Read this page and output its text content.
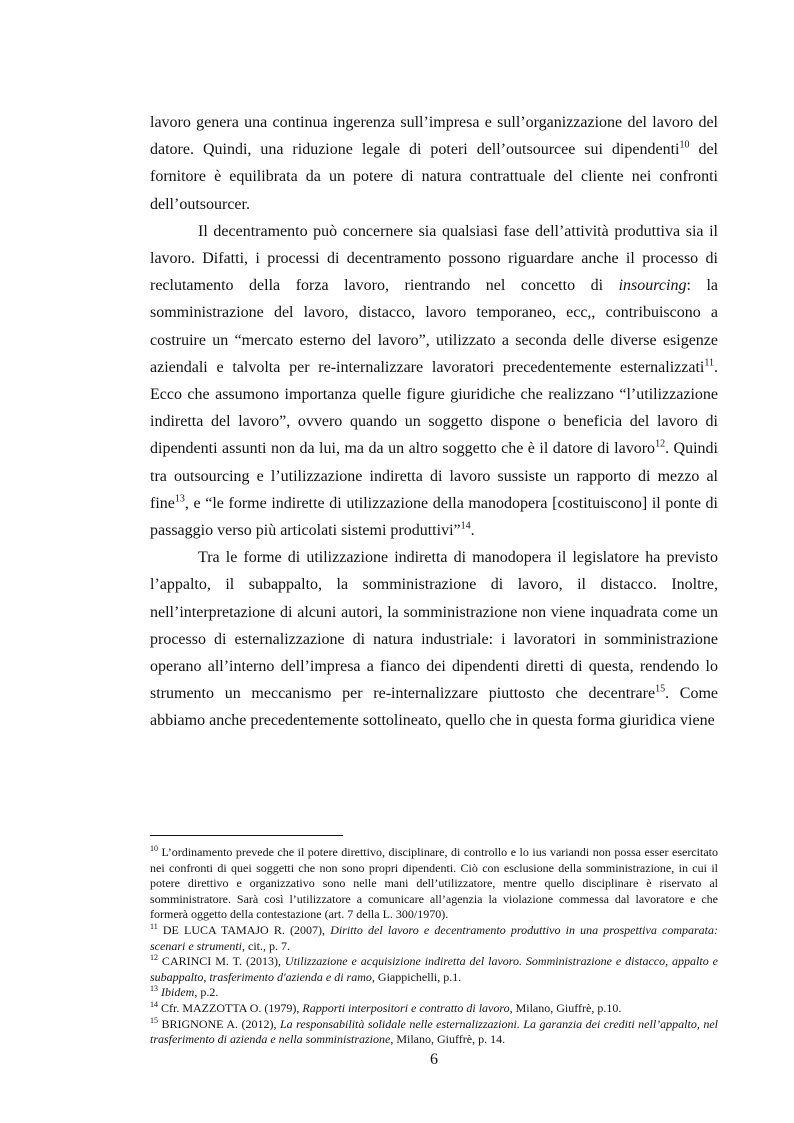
lavoro genera una continua ingerenza sull’impresa e sull’organizzazione del lavoro del datore. Quindi, una riduzione legale di poteri dell’outsourcee sui dipendenti$^{10}$ del fornitore è equilibrata da un potere di natura contrattuale del cliente nei confronti dell’outsourcer.

Il decentramento può concernere sia qualsiasi fase dell’attività produttiva sia il lavoro. Difatti, i processi di decentramento possono riguardare anche il processo di reclutamento della forza lavoro, rientrando nel concetto di insourcing: la somministrazione del lavoro, distacco, lavoro temporaneo, ecc,, contribuiscono a costruire un “mercato esterno del lavoro”, utilizzato a seconda delle diverse esigenze aziendali e talvolta per re-internalizzare lavoratori precedentemente esternalizzati$^{11}$. Ecco che assumono importanza quelle figure giuridiche che realizzano “l’utilizzazione indiretta del lavoro”, ovvero quando un soggetto dispone o beneficia del lavoro di dipendenti assunti non da lui, ma da un altro soggetto che è il datore di lavoro$^{12}$. Quindi tra outsourcing e l’utilizzazione indiretta di lavoro sussiste un rapporto di mezzo al fine$^{13}$, e “le forme indirette di utilizzazione della manodopera [costituiscono] il ponte di passaggio verso più articolati sistemi produttivi”$^{14}$.

Tra le forme di utilizzazione indiretta di manodopera il legislatore ha previsto l’appalto, il subappalto, la somministrazione di lavoro, il distacco. Inoltre, nell’interpretazione di alcuni autori, la somministrazione non viene inquadrata come un processo di esternalizzazione di natura industriale: i lavoratori in somministrazione operano all’interno dell’impresa a fianco dei dipendenti diretti di questa, rendendo lo strumento un meccanismo per re-internalizzare piuttosto che decentrare$^{15}$. Come abbiamo anche precedentemente sottolineato, quello che in questa forma giuridica viene

$^{10}$ L’ordinamento prevede che il potere direttivo, disciplinare, di controllo e lo ius variandi non possa esser esercitato nei confronti di quei soggetti che non sono propri dipendenti. Ciò con esclusione della somministrazione, in cui il potere direttivo e organizzativo sono nelle mani dell’utilizzatore, mentre quello disciplinare è riservato al somministratore. Sarà così l’utilizzatore a comunicare all’agenzia la violazione commessa dal lavoratore e che formerà oggetto della contestazione (art. 7 della L. 300/1970).

$^{11}$ DE LUCA TAMAJO R. (2007), Diritto del lavoro e decentramento produttivo in una prospettiva comparata: scenari e strumenti, cit., p. 7.

$^{12}$ CARINCI M. T. (2013), Utilizzazione e acquisizione indiretta del lavoro. Somministrazione e distacco, appalto e subappalto, trasferimento d'azienda e di ramo, Giappichelli, p.1.

$^{13}$ Ibidem, p.2.

$^{14}$ Cfr. MAZZOTTA O. (1979), Rapporti interpositori e contratto di lavoro, Milano, Giuffrè, p.10.

$^{15}$ BRIGNONE A. (2012), La responsabilità solidale nelle esternalizzazioni. La garanzia dei crediti nell’appalto, nel trasferimento di azienda e nella somministrazione, Milano, Giuffrè, p. 14.

6
